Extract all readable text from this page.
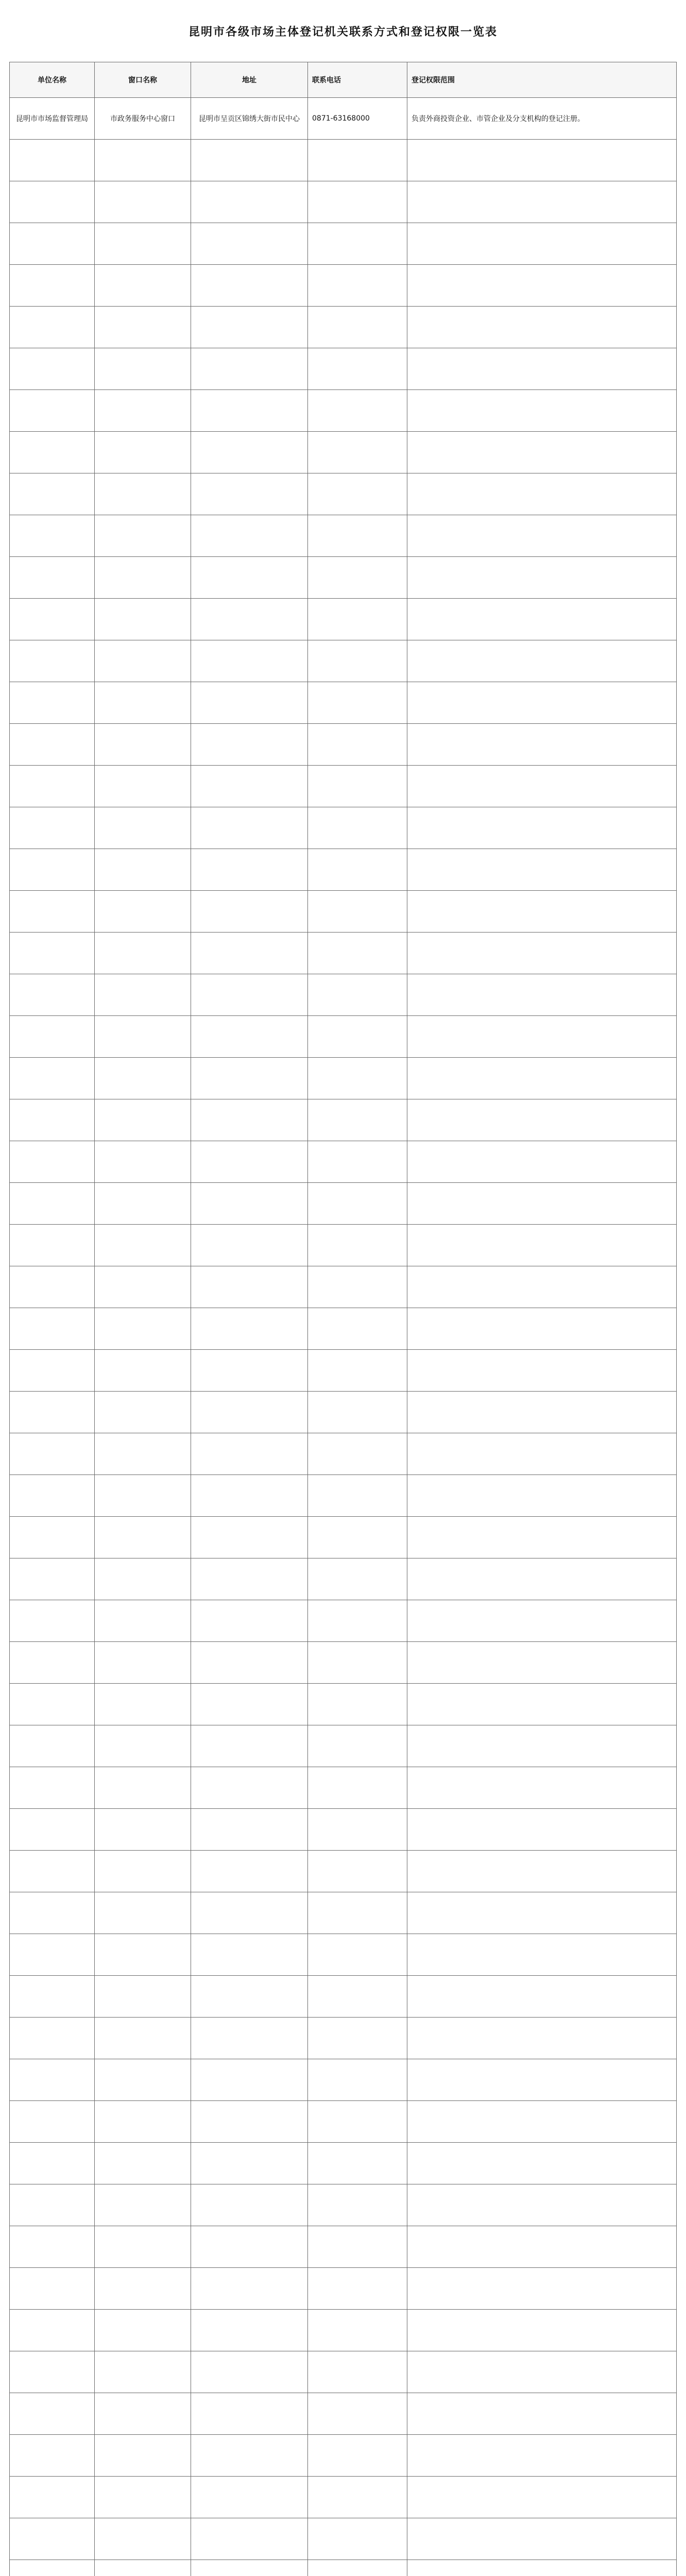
昆明市各级市场主体登记机关联系方式和登记权限一览表
单位名称	窗口名称	地址	联系电话	登记权限范围
昆明市市场监督管理局	市政务服务中心窗口	昆明市呈贡区锦绣大街市民中心	0871-63168000	负责外商投资企业、市管企业及分支机构的登记注册。
